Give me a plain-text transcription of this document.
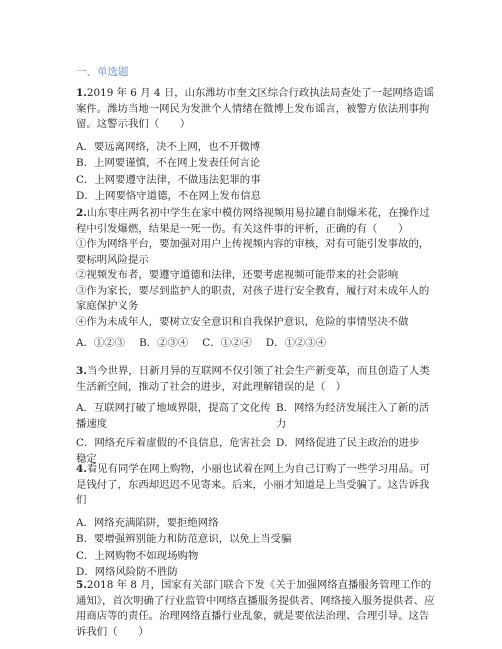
一、单选题

1.2019 年 6 月 4 日，山东潍坊市奎文区综合行政执法局查处了一起网络造谣案件。潍坊当地一网民为发泄个人情绪在微博上发布谣言，被警方依法刑事拘留。这警示我们（　　）

A．要远离网络，决不上网，也不开微博

B．上网要谨慎，不在网上发表任何言论

C．上网要遵守法律，不做违法犯罪的事

D．上网要恪守道德，不在网上发布信息

2.山东枣庄两名初中学生在家中模仿网络视频用易拉罐自制爆米花，在操作过程中引发爆燃，结果是一死一伤。有关这件事的评析，正确的有（　　）

①作为网络平台，要加强对用户上传视频内容的审核，对有可能引发事故的，要标明风险提示

②视频发布者，要遵守道德和法律，还要考虑视频可能带来的社会影响

③作为家长，要尽到监护人的职责，对孩子进行安全教育，履行对未成年人的家庭保护义务

④作为未成年人，要树立安全意识和自我保护意识，危险的事情坚决不做

A．①②③ B．②③④ C．①②④ D．①②③④

3.当今世界，日新月异的互联网不仅引领了社会生产新变革，而且创造了人类生活新空间，推动了社会的进步，对此理解错误的是（　）

A．互联网打破了地域界限，提高了文化传播速度
B．网络为经济发展注入了新的活力
C．网络充斥着虚假的不良信息，危害社会稳定
D．网络促进了民主政治的进步

4.看见有同学在网上购物，小丽也试着在网上为自己订购了一些学习用品。可是钱付了，东西却迟迟不见寄来。后来，小丽才知道是上当受骗了。这告诉我们

A．网络充满陷阱，要拒绝网络

B．要增强辨别能力和防范意识，以免上当受骗

C．上网购物不如现场购物

D．网络风险防不胜防

5.2018 年 8 月，国家有关部门联合下发《关于加强网络直播服务管理工作的通知》，首次明确了行业监管中网络直播服务提供者、网络接入服务提供者、应用商店等的责任。治理网络直播行业乱象，就是要依法治理、合理引导。这告诉我们（　　）
